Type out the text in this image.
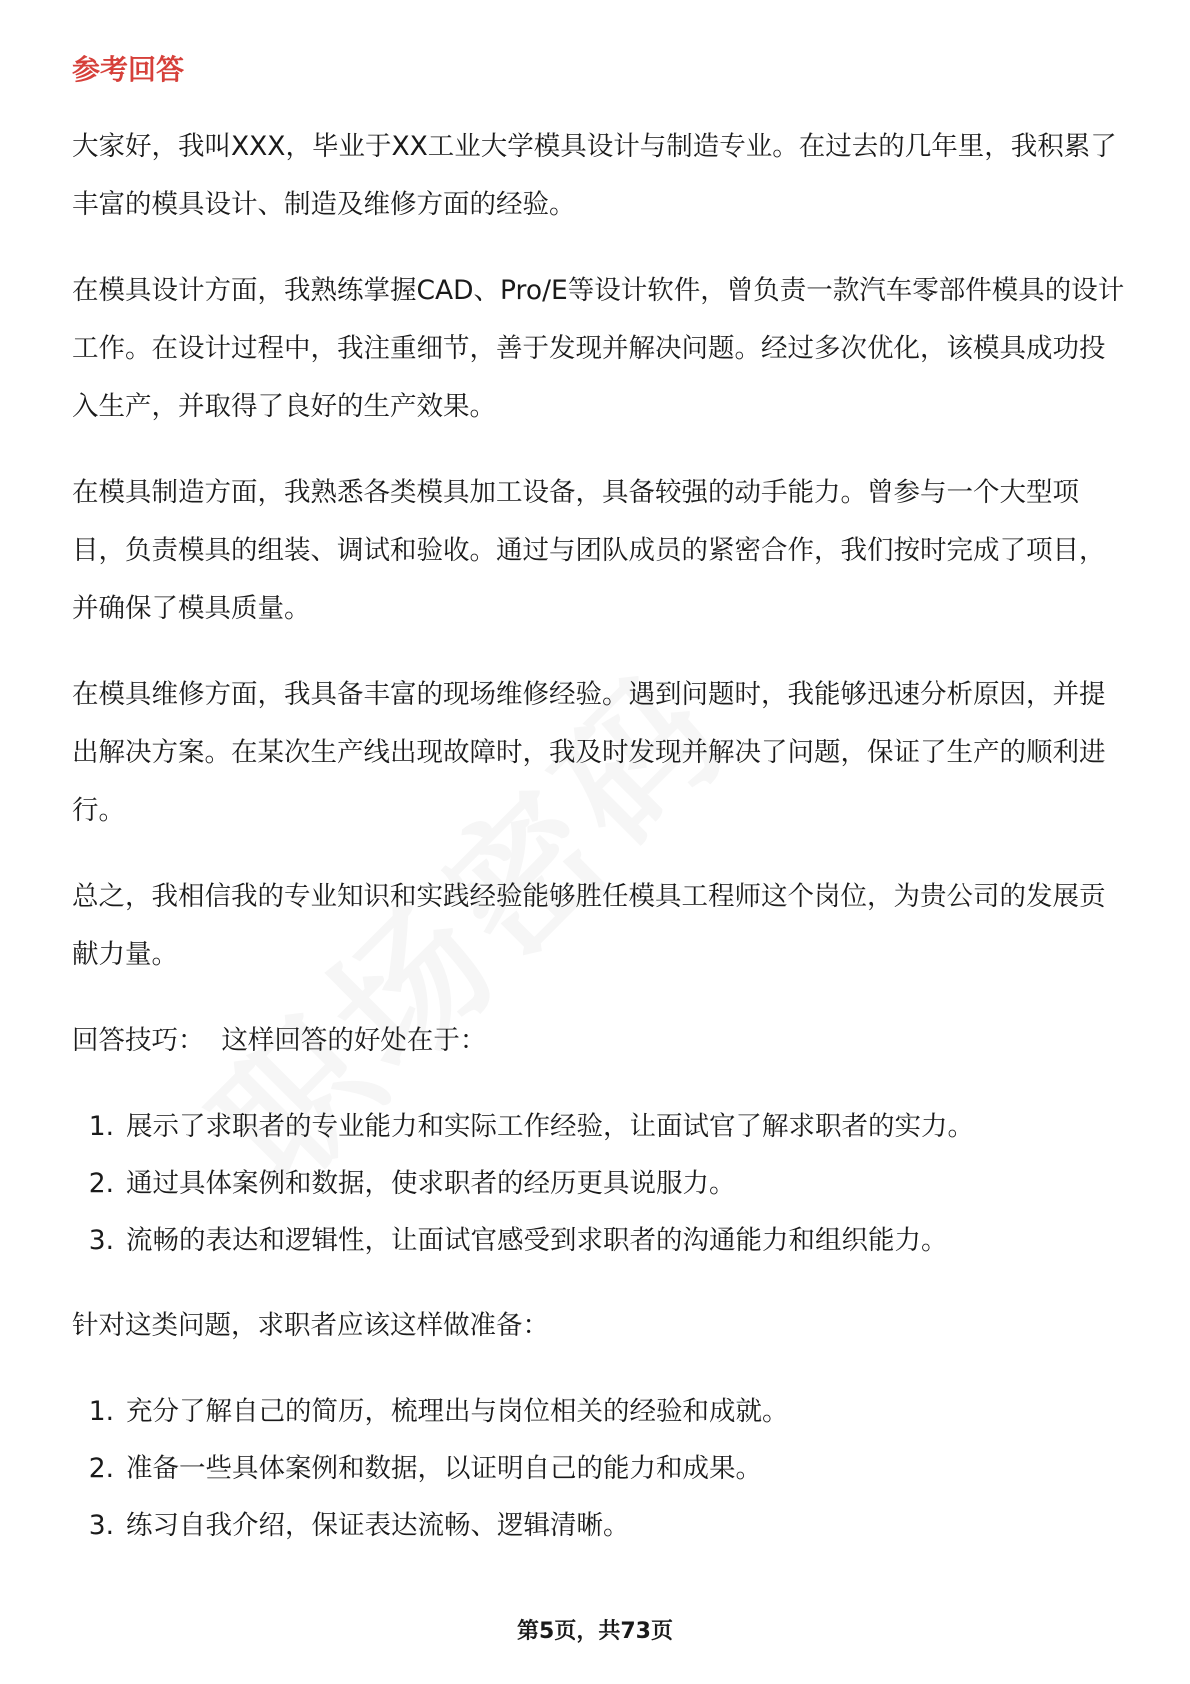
参考回答

大家好，我叫XXX，毕业于XX工业大学模具设计与制造专业。在过去的几年里，我积累了丰富的模具设计、制造及维修方面的经验。

在模具设计方面，我熟练掌握CAD、Pro/E等设计软件，曾负责一款汽车零部件模具的设计工作。在设计过程中，我注重细节，善于发现并解决问题。经过多次优化，该模具成功投入生产，并取得了良好的生产效果。

在模具制造方面，我熟悉各类模具加工设备，具备较强的动手能力。曾参与一个大型项目，负责模具的组装、调试和验收。通过与团队成员的紧密合作，我们按时完成了项目，并确保了模具质量。

在模具维修方面，我具备丰富的现场维修经验。遇到问题时，我能够迅速分析原因，并提出解决方案。在某次生产线出现故障时，我及时发现并解决了问题，保证了生产的顺利进行。

总之，我相信我的专业知识和实践经验能够胜任模具工程师这个岗位，为贵公司的发展贡献力量。

回答技巧：  这样回答的好处在于：

1. 展示了求职者的专业能力和实际工作经验，让面试官了解求职者的实力。
2. 通过具体案例和数据，使求职者的经历更具说服力。
3. 流畅的表达和逻辑性，让面试官感受到求职者的沟通能力和组织能力。

针对这类问题，求职者应该这样做准备：

1. 充分了解自己的简历，梳理出与岗位相关的经验和成就。
2. 准备一些具体案例和数据，以证明自己的能力和成果。
3. 练习自我介绍，保证表达流畅、逻辑清晰。
第5页，共73页
